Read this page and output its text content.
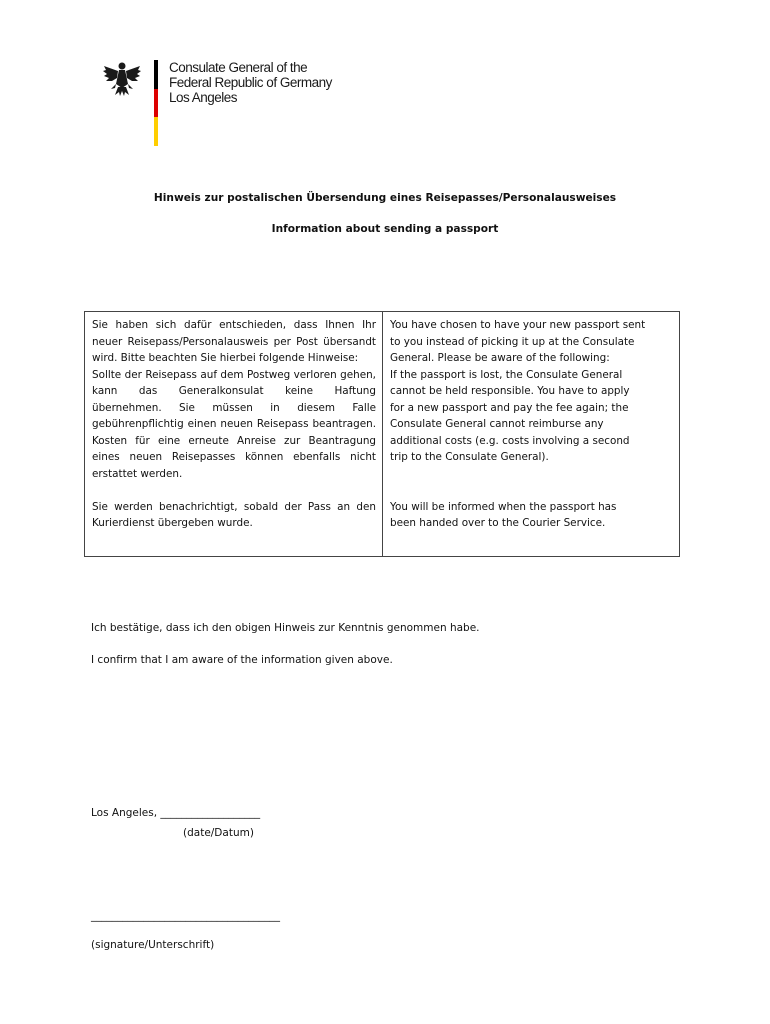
Consulate General of the
Federal Republic of Germany
Los Angeles
Hinweis zur postalischen Übersendung eines Reisepasses/Personalausweises
Information about sending a passport

Sie haben sich dafür entschieden, dass Ihnen Ihr neuer Reisepass/Personalausweis per Post übersandt wird. Bitte beachten Sie hierbei folgende Hinweise:

Sollte der Reisepass auf dem Postweg verloren gehen, kann das Generalkonsulat keine Haftung übernehmen. Sie müssen in diesem Falle gebührenpflichtig einen neuen Reisepass beantragen. Kosten für eine erneute Anreise zur Beantragung eines neuen Reisepasses können ebenfalls nicht erstattet werden.

Sie werden benachrichtigt, sobald der Pass an den Kurierdienst übergeben wurde.

You have chosen to have your new passport sent

to you instead of picking it up at the Consulate

General. Please be aware of the following:

If the passport is lost, the Consulate General

cannot be held responsible. You have to apply

for a new passport and pay the fee again; the

Consulate General cannot reimburse any

additional costs (e.g. costs involving a second

trip to the Consulate General).

You will be informed when the passport has

been handed over to the Courier Service.

Ich bestätige, dass ich den obigen Hinweis zur Kenntnis genommen habe.
I confirm that I am aware of the information given above.
Los Angeles, ___________________
(date/Datum)
____________________________________
(signature/Unterschrift)
